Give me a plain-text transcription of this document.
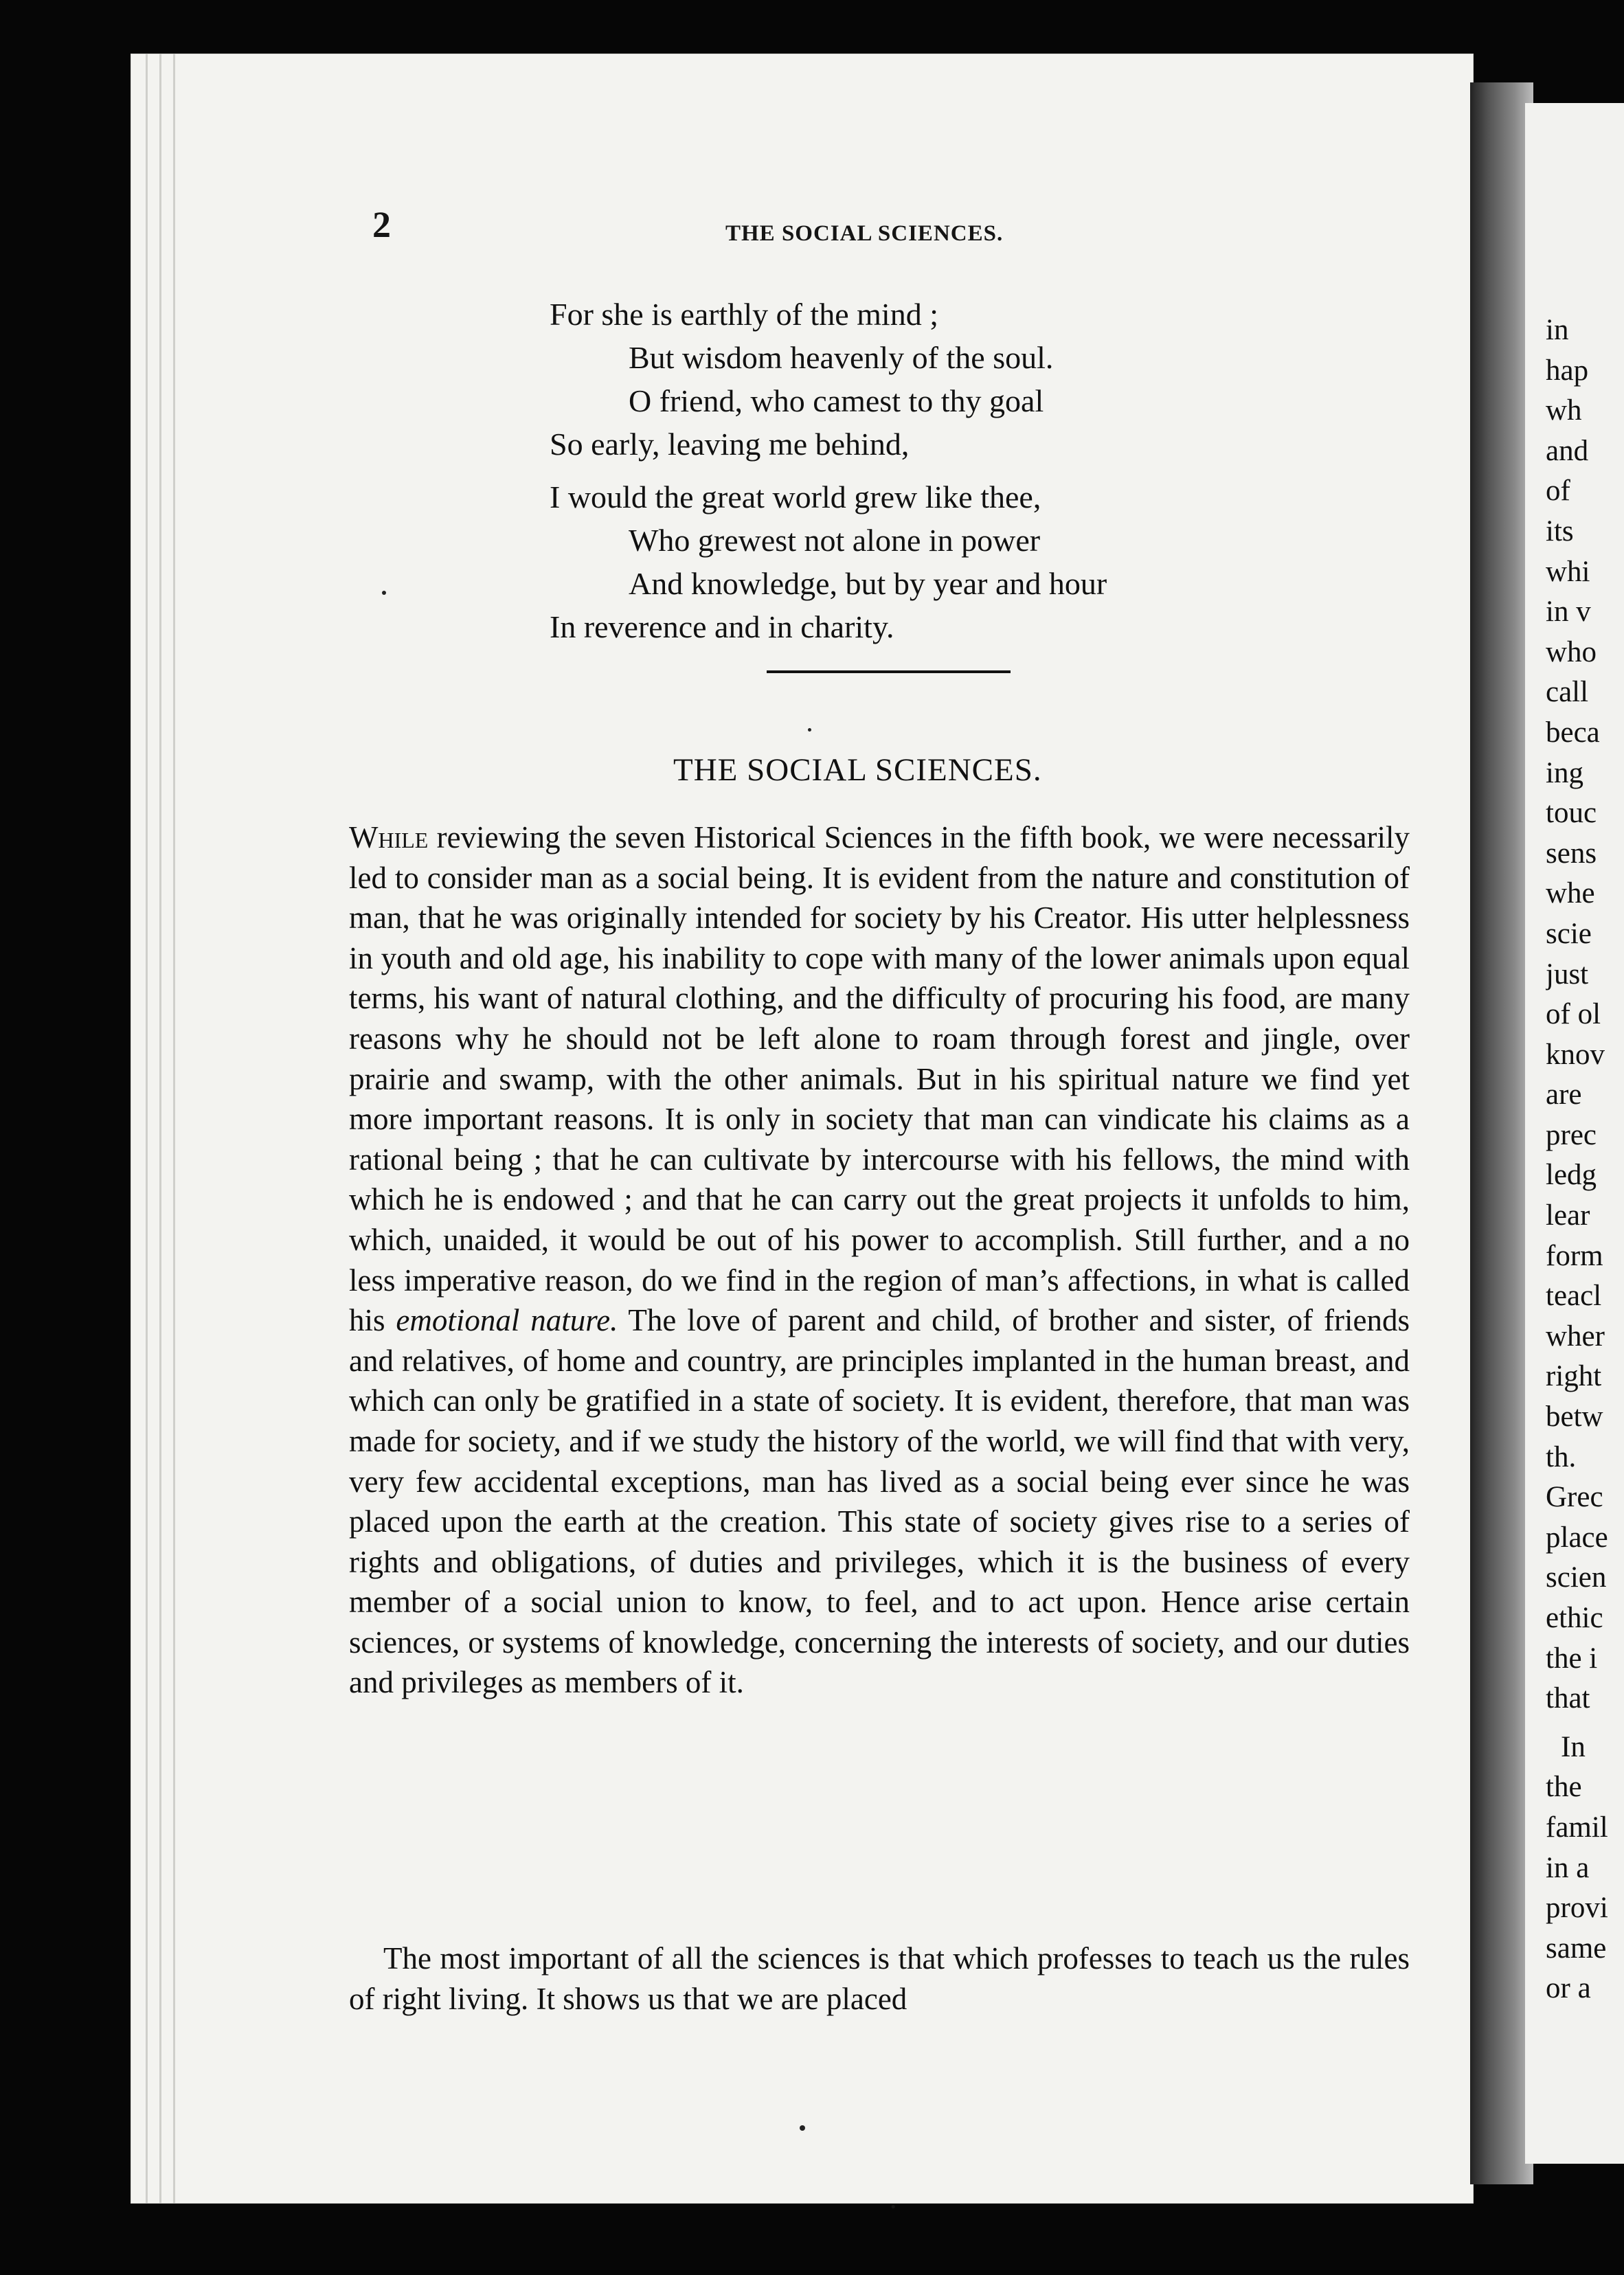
2	THE SOCIAL SCIENCES.
For she is earthly of the mind ;
But wisdom heavenly of the soul.
O friend, who camest to thy goal
So early, leaving me behind,
I would the great world grew like thee,
Who grewest not alone in power
And knowledge, but by year and hour
In reverence and in charity.
THE SOCIAL SCIENCES.

While reviewing the seven Historical Sciences in the fifth book, we were necessarily led to consider man as a social being. It is evident from the nature and constitution of man, that he was originally intended for society by his Creator. His utter helplessness in youth and old age, his inability to cope with many of the lower animals upon equal terms, his want of natural clothing, and the difficulty of procuring his food, are many reasons why he should not be left alone to roam through forest and jingle, over prairie and swamp, with the other animals. But in his spiritual nature we find yet more important reasons. It is only in society that man can vindicate his claims as a rational being ; that he can cultivate by intercourse with his fellows, the mind with which he is endowed ; and that he can carry out the great projects it unfolds to him, which, unaided, it would be out of his power to accomplish. Still further, and a no less imperative reason, do we find in the region of man’s affections, in what is called his emotional nature. The love of parent and child, of brother and sister, of friends and relatives, of home and country, are principles implanted in the human breast, and which can only be gratified in a state of society. It is evident, therefore, that man was made for society, and if we study the history of the world, we will find that with very, very few accidental exceptions, man has lived as a social being ever since he was placed upon the earth at the creation. This state of society gives rise to a series of rights and obligations, of duties and privileges, which it is the business of every member of a social union to know, to feel, and to act upon. Hence arise certain sciences, or systems of knowledge, concerning the interests of society, and our duties and privileges as members of it.

The most important of all the sciences is that which professes to teach us the rules of right living. It shows us that we are placed

in
hap
wh
and
of
its
whi
in v
who
call
beca
ing
touc
sens
whe
scie
just
of ol
knov
are
prec
ledg
lear
form
teacl
wher
right
betw
th.
Grec
place
scien
ethic
the i
that
In
the
famil
in a
provi
same
or a
